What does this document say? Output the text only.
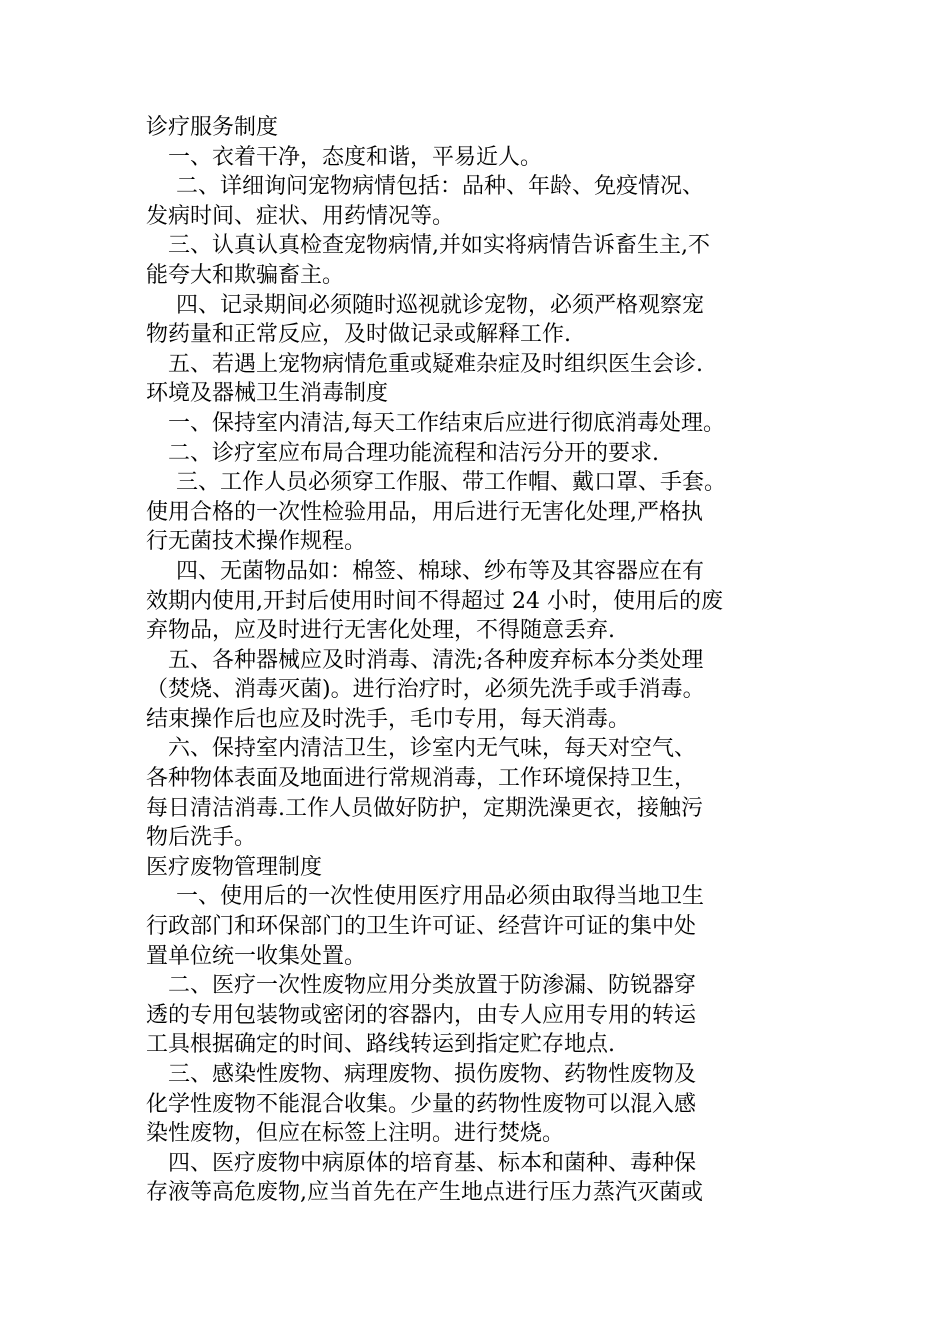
诊疗服务制度
一、衣着干净，态度和谐，平易近人。
二、详细询问宠物病情包括：品种、年龄、免疫情况、
发病时间、症状、用药情况等。
三、认真认真检查宠物病情,并如实将病情告诉畜生主,不
能夸大和欺骗畜主。
四、记录期间必须随时巡视就诊宠物，必须严格观察宠
物药量和正常反应，及时做记录或解释工作.
五、若遇上宠物病情危重或疑难杂症及时组织医生会诊.
环境及器械卫生消毒制度
一、保持室内清洁,每天工作结束后应进行彻底消毒处理。
二、诊疗室应布局合理功能流程和洁污分开的要求.
三、工作人员必须穿工作服、带工作帽、戴口罩、手套。
使用合格的一次性检验用品，用后进行无害化处理,严格执
行无菌技术操作规程。
四、无菌物品如：棉签、棉球、纱布等及其容器应在有
效期内使用,开封后使用时间不得超过 24 小时，使用后的废
弃物品，应及时进行无害化处理，不得随意丢弃.
五、各种器械应及时消毒、清洗;各种废弃标本分类处理
（焚烧、消毒灭菌)。进行治疗时，必须先洗手或手消毒。
结束操作后也应及时洗手，毛巾专用，每天消毒。
六、保持室内清洁卫生，诊室内无气味，每天对空气、
各种物体表面及地面进行常规消毒，工作环境保持卫生，
每日清洁消毒.工作人员做好防护，定期洗澡更衣，接触污
物后洗手。
医疗废物管理制度
一、使用后的一次性使用医疗用品必须由取得当地卫生
行政部门和环保部门的卫生许可证、经营许可证的集中处
置单位统一收集处置。
二、医疗一次性废物应用分类放置于防渗漏、防锐器穿
透的专用包装物或密闭的容器内，由专人应用专用的转运
工具根据确定的时间、路线转运到指定贮存地点.
三、感染性废物、病理废物、损伤废物、药物性废物及
化学性废物不能混合收集。少量的药物性废物可以混入感
染性废物，但应在标签上注明。进行焚烧。
四、医疗废物中病原体的培育基、标本和菌种、毒种保
存液等高危废物,应当首先在产生地点进行压力蒸汽灭菌或
